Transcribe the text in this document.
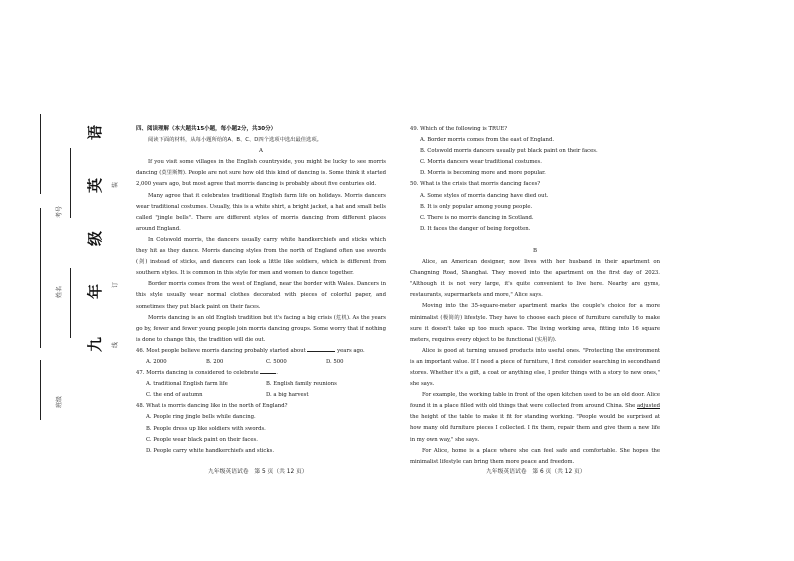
班级
姓名
考号
装
订
线
九年级英语	四、阅读理解（本大题共15小题，每小题2分，共30分）
阅读下面的材料，从每小题所给的A、B、C、D四个选项中选出最佳选项。
A
If you visit some villages in the English countryside, you might be lucky to see morris dancing (莫里斯舞). People are not sure how old this kind of dancing is. Some think it started 2,000 years ago, but most agree that morris dancing is probably about five centuries old.
Many agree that it celebrates traditional English farm life on holidays. Morris dancers wear traditional costumes. Usually, this is a white shirt, a bright jacket, a hat and small bells called "jingle bells". There are different styles of morris dancing from different places around England.
In Cotswold morris, the dancers usually carry white handkerchiefs and sticks which they hit as they dance. Morris dancing styles from the north of England often use swords (剑) instead of sticks, and dancers can look a little like soldiers, which is different from southern styles. It is common in this style for men and women to dance together.
Border morris comes from the west of England, near the border with Wales. Dancers in this style usually wear normal clothes decorated with pieces of colorful paper, and sometimes they put black paint on their faces.
Morris dancing is an old English tradition but it's facing a big crisis (危机). As the years go by, fewer and fewer young people join morris dancing groups. Some worry that if nothing is done to change this, the tradition will die out.
46. Most people believe morris dancing probably started about	years ago.
A. 2000	B. 200	C. 5000	D. 500
47. Morris dancing is considered to celebrate	.
A. traditional English farm life	B. English family reunions
C. the end of autumn	D. a big harvest
48. What is morris dancing like in the north of England?
A. People ring jingle bells while dancing.
B. People dress up like soldiers with swords.
C. People wear black paint on their faces.
D. People carry white handkerchiefs and sticks.
49. Which of the following is TRUE?
A. Border morris comes from the east of England.
B. Cotswold morris dancers usually put black paint on their faces.
C. Morris dancers wear traditional costumes.
D. Morris is becoming more and more popular.
50. What is the crisis that morris dancing faces?
A. Some styles of morris dancing have died out.
B. It is only popular among young people.
C. There is no morris dancing in Scotland.
D. It faces the danger of being forgotten.
B
Alice, an American designer, now lives with her husband in their apartment on Changning Road, Shanghai. They moved into the apartment on the first day of 2023. "Although it is not very large, it's quite convenient to live here. Nearby are gyms, restaurants, supermarkets and more," Alice says.
Moving into the 35-square-meter apartment marks the couple's choice for a more minimalist (极简的) lifestyle. They have to choose each piece of furniture carefully to make sure it doesn't take up too much space. The living working area, fitting into 16 square meters, requires every object to be functional (实用的).
Alice is good at turning unused products into useful ones. "Protecting the environment is an important value. If I need a piece of furniture, I first consider searching in secondhand stores. Whether it's a gift, a coat or anything else, I prefer things with a story to new ones," she says.
For example, the working table in front of the open kitchen used to be an old door. Alice found it in a place filled with old things that were collected from around China. She adjusted the height of the table to make it fit for standing working. "People would be surprised at how many old furniture pieces I collected. I fix them, repair them and give them a new life in my own way," she says.
For Alice, home is a place where she can feel safe and comfortable. She hopes the minimalist lifestyle can bring them more peace and freedom.
九年级英语试卷　第 5 页（共 12 页）	九年级英语试卷　第 6 页（共 12 页）
